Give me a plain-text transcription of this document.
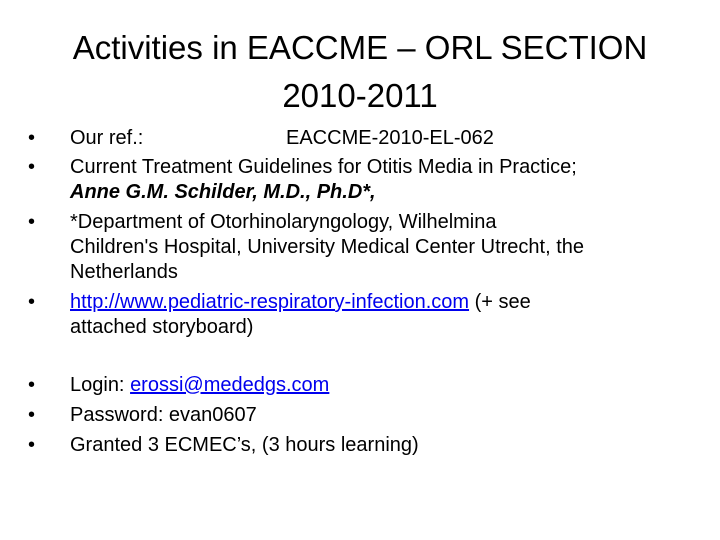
Activities in EACCME – ORL SECTION
2010-2011
•	Our ref.:	EACCME-2010-EL-062
•	Current Treatment Guidelines for Otitis Media in Practice;
Anne G.M. Schilder, M.D., Ph.D*,
•	*Department of Otorhinolaryngology, Wilhelmina
Children's Hospital, University Medical Center Utrecht, the
Netherlands
•	http://www.pediatric-respiratory-infection.com (+ see
attached storyboard)
•	Login: erossi@mededgs.com
•	Password: evan0607
•	Granted 3 ECMEC’s, (3 hours learning)
